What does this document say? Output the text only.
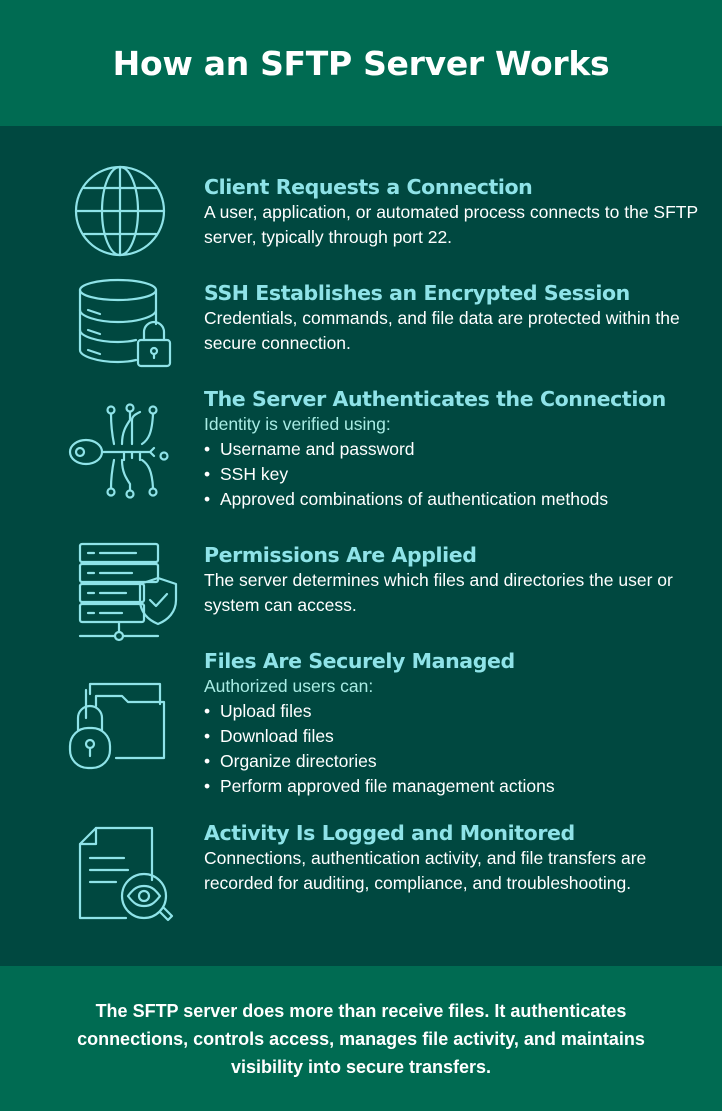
How an SFTP Server Works
Client Requests a Connection
A user, application, or automated process connects to the SFTP server, typically through port 22.
SSH Establishes an Encrypted Session
Credentials, commands, and file data are protected within the secure connection.
The Server Authenticates the Connection
Identity is verified using:
• Username and password
• SSH key
• Approved combinations of authentication methods
Permissions Are Applied
The server determines which files and directories the user or system can access.
Files Are Securely Managed
Authorized users can:
• Upload files
• Download files
• Organize directories
• Perform approved file management actions
Activity Is Logged and Monitored
Connections, authentication activity, and file transfers are recorded for auditing, compliance, and troubleshooting.

The SFTP server does more than receive files. It authenticates connections, controls access, manages file activity, and maintains visibility into secure transfers.
